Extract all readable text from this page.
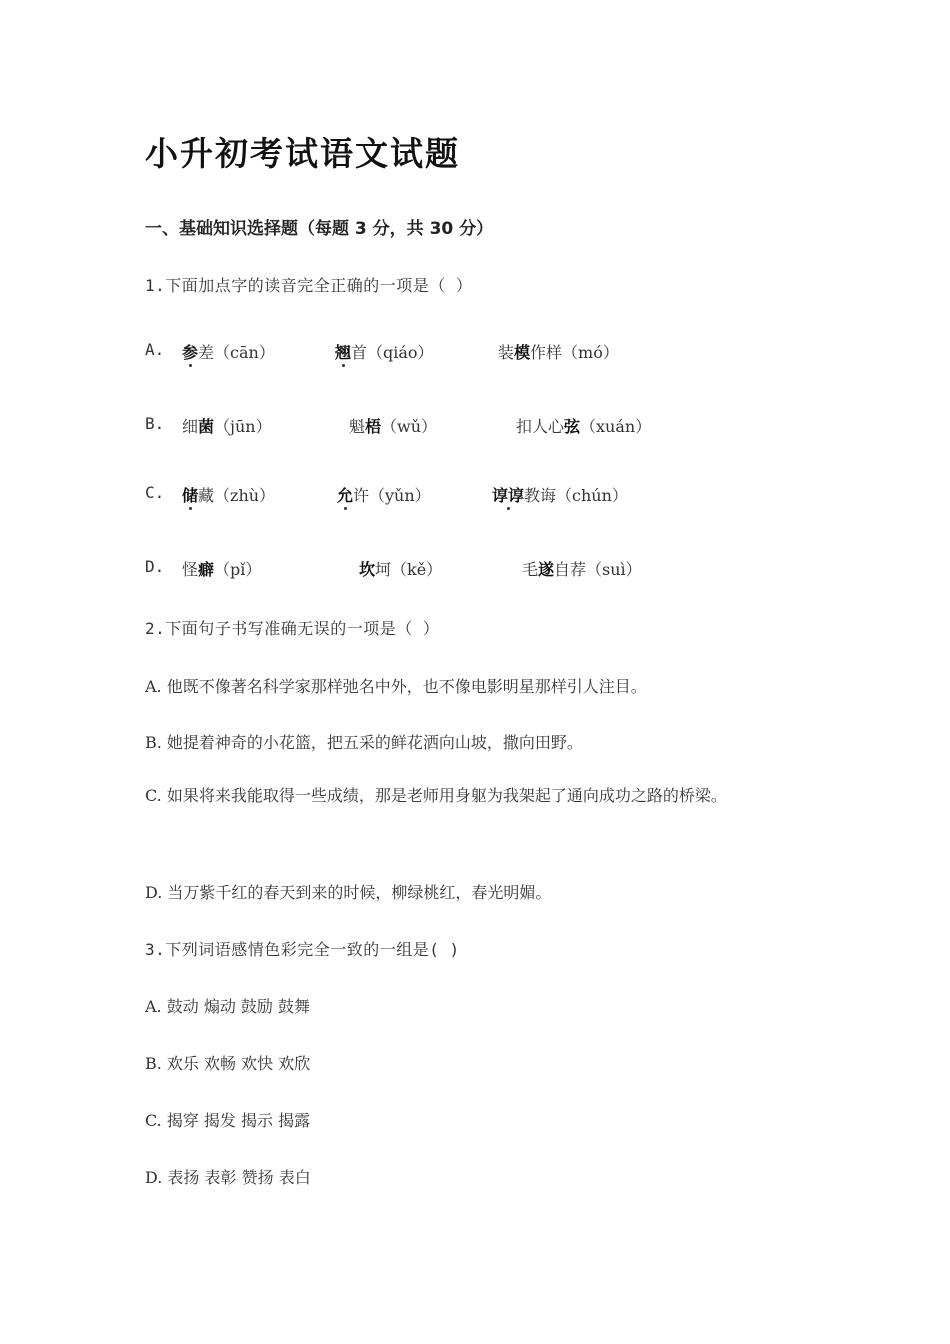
小升初考试语文试题
一、基础知识选择题（每题 3 分，共 30 分）
1.下面加点字的读音完全正确的一项是（ ）
A. 参差（cān）	翘首（qiáo）	装模作样（mó）
B. 细菌（jūn）	魁梧（wǔ）	扣人心弦（xuán）
C. 储藏（zhù）	允许（yǔn）	谆谆教诲（chún）
D. 怪癖（pǐ）	坎坷（kě）	毛遂自荐（suì）
2.下面句子书写准确无误的一项是（ ）
A. 他既不像著名科学家那样弛名中外，也不像电影明星那样引人注目。
B. 她提着神奇的小花篮，把五采的鲜花洒向山坡，撒向田野。
C. 如果将来我能取得一些成绩，那是老师用身躯为我架起了通向成功之路的桥梁。
D. 当万紫千红的春天到来的时候，柳绿桃红，春光明媚。
3.下列词语感情色彩完全一致的一组是( )
A. 鼓动 煽动 鼓励 鼓舞
B. 欢乐 欢畅 欢快 欢欣
C. 揭穿 揭发 揭示 揭露
D. 表扬 表彰 赞扬 表白
